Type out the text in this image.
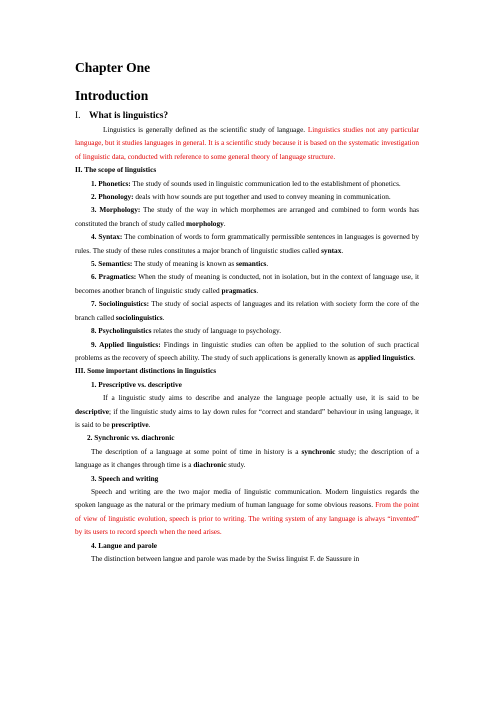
Chapter One
Introduction
I. What is linguistics?

Linguistics is generally defined as the scientific study of language. Linguistics studies not any particular language, but it studies languages in general. It is a scientific study because it is based on the systematic investigation of linguistic data, conducted with reference to some general theory of language structure.

II. The scope of linguistics

1. Phonetics: The study of sounds used in linguistic communication led to the establishment of phonetics.

2. Phonology: deals with how sounds are put together and used to convey meaning in communication.

3. Morphology: The study of the way in which morphemes are arranged and combined to form words has constituted the branch of study called morphology.

4. Syntax: The combination of words to form grammatically permissible sentences in languages is governed by rules. The study of these rules constitutes a major branch of linguistic studies called syntax.

5. Semantics: The study of meaning is known as semantics.

6. Pragmatics: When the study of meaning is conducted, not in isolation, but in the context of language use, it becomes another branch of linguistic study called pragmatics.

7. Sociolinguistics: The study of social aspects of languages and its relation with society form the core of the branch called sociolinguistics.

8. Psycholinguistics relates the study of language to psychology.

9. Applied linguistics: Findings in linguistic studies can often be applied to the solution of such practical problems as the recovery of speech ability. The study of such applications is generally known as applied linguistics.

III. Some important distinctions in linguistics
1. Prescriptive vs. descriptive

If a linguistic study aims to describe and analyze the language people actually use, it is said to be descriptive; if the linguistic study aims to lay down rules for “correct and standard” behaviour in using language, it is said to be prescriptive.

2. Synchronic vs. diachronic

The description of a language at some point of time in history is a synchronic study; the description of a language as it changes through time is a diachronic study.

3. Speech and writing

Speech and writing are the two major media of linguistic communication. Modern linguistics regards the spoken language as the natural or the primary medium of human language for some obvious reasons. From the point of view of linguistic evolution, speech is prior to writing. The writing system of any language is always “invented” by its users to record speech when the need arises.

4. Langue and parole

The distinction between langue and parole was made by the Swiss linguist F. de Saussure in
